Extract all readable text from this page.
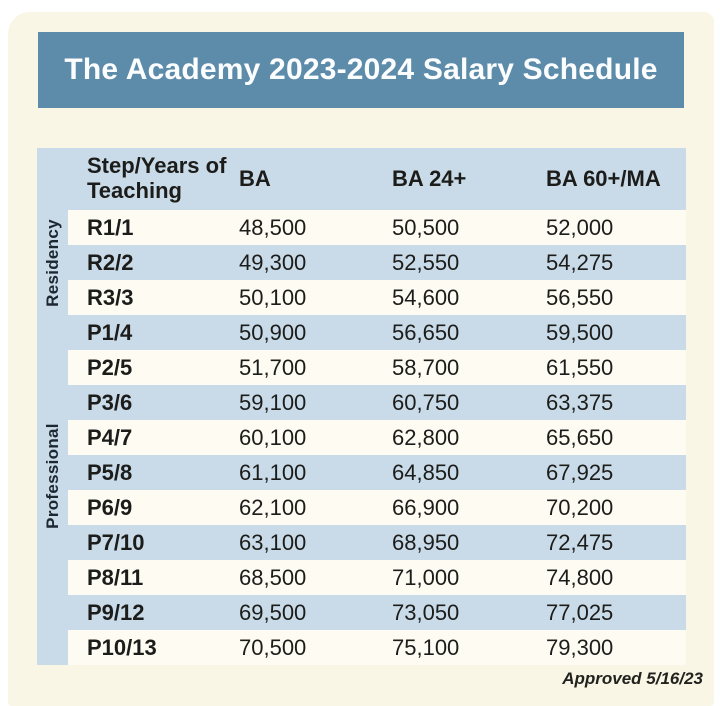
The Academy 2023-2024 Salary Schedule
Step/Years of Teaching	BA	BA 24+	BA 60+/MA
R1/1	48,500	50,500	52,000
R2/2	49,300	52,550	54,275
R3/3	50,100	54,600	56,550
P1/4	50,900	56,650	59,500
P2/5	51,700	58,700	61,550
P3/6	59,100	60,750	63,375
P4/7	60,100	62,800	65,650
P5/8	61,100	64,850	67,925
P6/9	62,100	66,900	70,200
P7/10	63,100	68,950	72,475
P8/11	68,500	71,000	74,800
P9/12	69,500	73,050	77,025
P10/13	70,500	75,100	79,300
Residency
Professional
Approved 5/16/23
